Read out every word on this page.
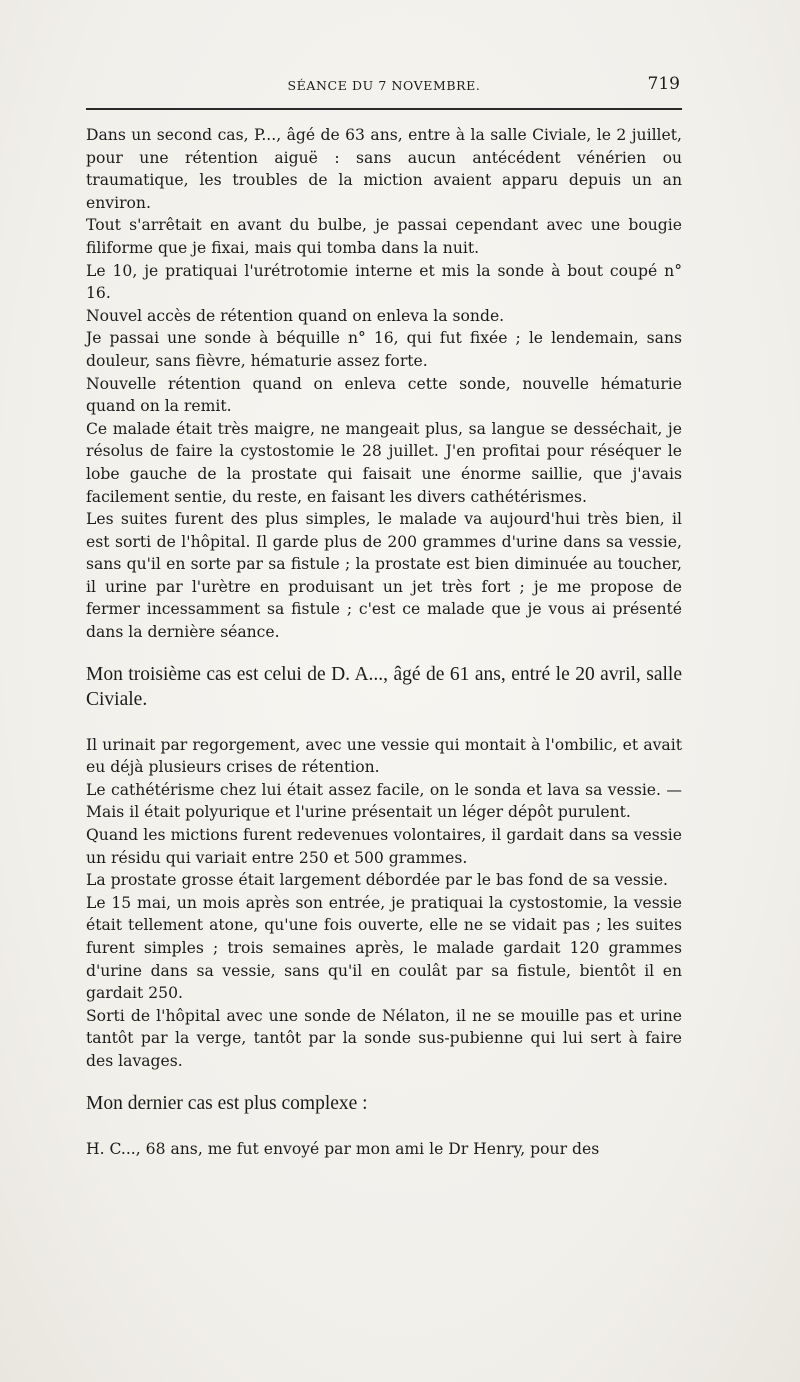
SÉANCE DU 7 NOVEMBRE.	719

Dans un second cas, P..., âgé de 63 ans, entre à la salle Civiale, le 2 juillet, pour une rétention aiguë : sans aucun antécédent vénérien ou traumatique, les troubles de la miction avaient apparu depuis un an environ.

Tout s'arrêtait en avant du bulbe, je passai cependant avec une bougie filiforme que je fixai, mais qui tomba dans la nuit.

Le 10, je pratiquai l'urétrotomie interne et mis la sonde à bout coupé n° 16.

Nouvel accès de rétention quand on enleva la sonde.

Je passai une sonde à béquille n° 16, qui fut fixée ; le lendemain, sans douleur, sans fièvre, hématurie assez forte.

Nouvelle rétention quand on enleva cette sonde, nouvelle hématurie quand on la remit.

Ce malade était très maigre, ne mangeait plus, sa langue se desséchait, je résolus de faire la cystostomie le 28 juillet. J'en profitai pour réséquer le lobe gauche de la prostate qui faisait une énorme saillie, que j'avais facilement sentie, du reste, en faisant les divers cathétérismes.

Les suites furent des plus simples, le malade va aujourd'hui très bien, il est sorti de l'hôpital. Il garde plus de 200 grammes d'urine dans sa vessie, sans qu'il en sorte par sa fistule ; la prostate est bien diminuée au toucher, il urine par l'urètre en produisant un jet très fort ; je me propose de fermer incessamment sa fistule ; c'est ce malade que je vous ai présenté dans la dernière séance.

Mon troisième cas est celui de D. A..., âgé de 61 ans, entré le 20 avril, salle Civiale.

Il urinait par regorgement, avec une vessie qui montait à l'ombilic, et avait eu déjà plusieurs crises de rétention.

Le cathétérisme chez lui était assez facile, on le sonda et lava sa vessie. — Mais il était polyurique et l'urine présentait un léger dépôt purulent.

Quand les mictions furent redevenues volontaires, il gardait dans sa vessie un résidu qui variait entre 250 et 500 grammes.

La prostate grosse était largement débordée par le bas fond de sa vessie.

Le 15 mai, un mois après son entrée, je pratiquai la cystostomie, la vessie était tellement atone, qu'une fois ouverte, elle ne se vidait pas ; les suites furent simples ; trois semaines après, le malade gardait 120 grammes d'urine dans sa vessie, sans qu'il en coulât par sa fistule, bientôt il en gardait 250.

Sorti de l'hôpital avec une sonde de Nélaton, il ne se mouille pas et urine tantôt par la verge, tantôt par la sonde sus-pubienne qui lui sert à faire des lavages.

Mon dernier cas est plus complexe :

H. C..., 68 ans, me fut envoyé par mon ami le Dr Henry, pour des
